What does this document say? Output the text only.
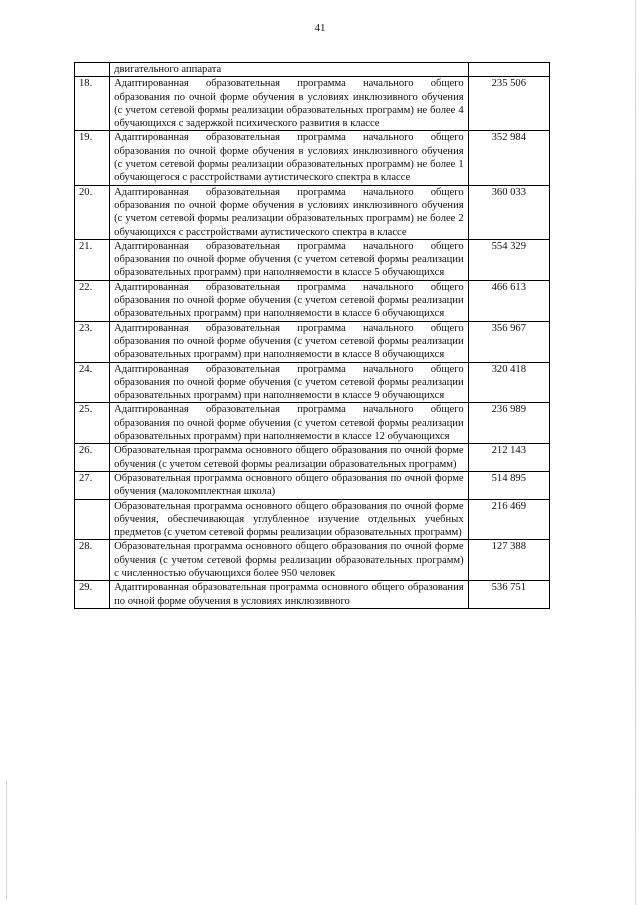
41
	двигательного аппарата	
18.	Адаптированная образовательная программа начального общего образования по очной форме обучения в условиях инклюзивного обучения (с учетом сетевой формы реализации образовательных программ) не более 4 обучающихся с задержкой психического развития в классе	235 506
19.	Адаптированная образовательная программа начального общего образования по очной форме обучения в условиях инклюзивного обучения (с учетом сетевой формы реализации образовательных программ) не более 1 обучающегося с расстройствами аутистического спектра в классе	352 984
20.	Адаптированная образовательная программа начального общего образования по очной форме обучения в условиях инклюзивного обучения (с учетом сетевой формы реализации образовательных программ) не более 2 обучающихся с расстройствами аутистического спектра в классе	360 033
21.	Адаптированная образовательная программа начального общего образования по очной форме обучения (с учетом сетевой формы реализации образовательных программ) при наполняемости в классе 5 обучающихся	554 329
22.	Адаптированная образовательная программа начального общего образования по очной форме обучения (с учетом сетевой формы реализации образовательных программ) при наполняемости в классе 6 обучающихся	466 613
23.	Адаптированная образовательная программа начального общего образования по очной форме обучения (с учетом сетевой формы реализации образовательных программ) при наполняемости в классе 8 обучающихся	356 967
24.	Адаптированная образовательная программа начального общего образования по очной форме обучения (с учетом сетевой формы реализации образовательных программ) при наполняемости в классе 9 обучающихся	320 418
25.	Адаптированная образовательная программа начального общего образования по очной форме обучения (с учетом сетевой формы реализации образовательных программ) при наполняемости в классе 12 обучающихся	236 989
26.	Образовательная программа основного общего образования по очной форме обучения (с учетом сетевой формы реализации образовательных программ)	212 143
27.	Образовательная программа основного общего образования по очной форме обучения (малокомплектная школа)	514 895
	Образовательная программа основного общего образования по очной форме обучения, обеспечивающая углубленное изучение отдельных учебных предметов (с учетом сетевой формы реализации образовательных программ)	216 469
28.	Образовательная программа основного общего образования по очной форме обучения (с учетом сетевой формы реализации образовательных программ) с численностью обучающихся более 950 человек	127 388
29.	Адаптированная образовательная программа основного общего образования по очной форме обучения в условиях инклюзивного	536 751
